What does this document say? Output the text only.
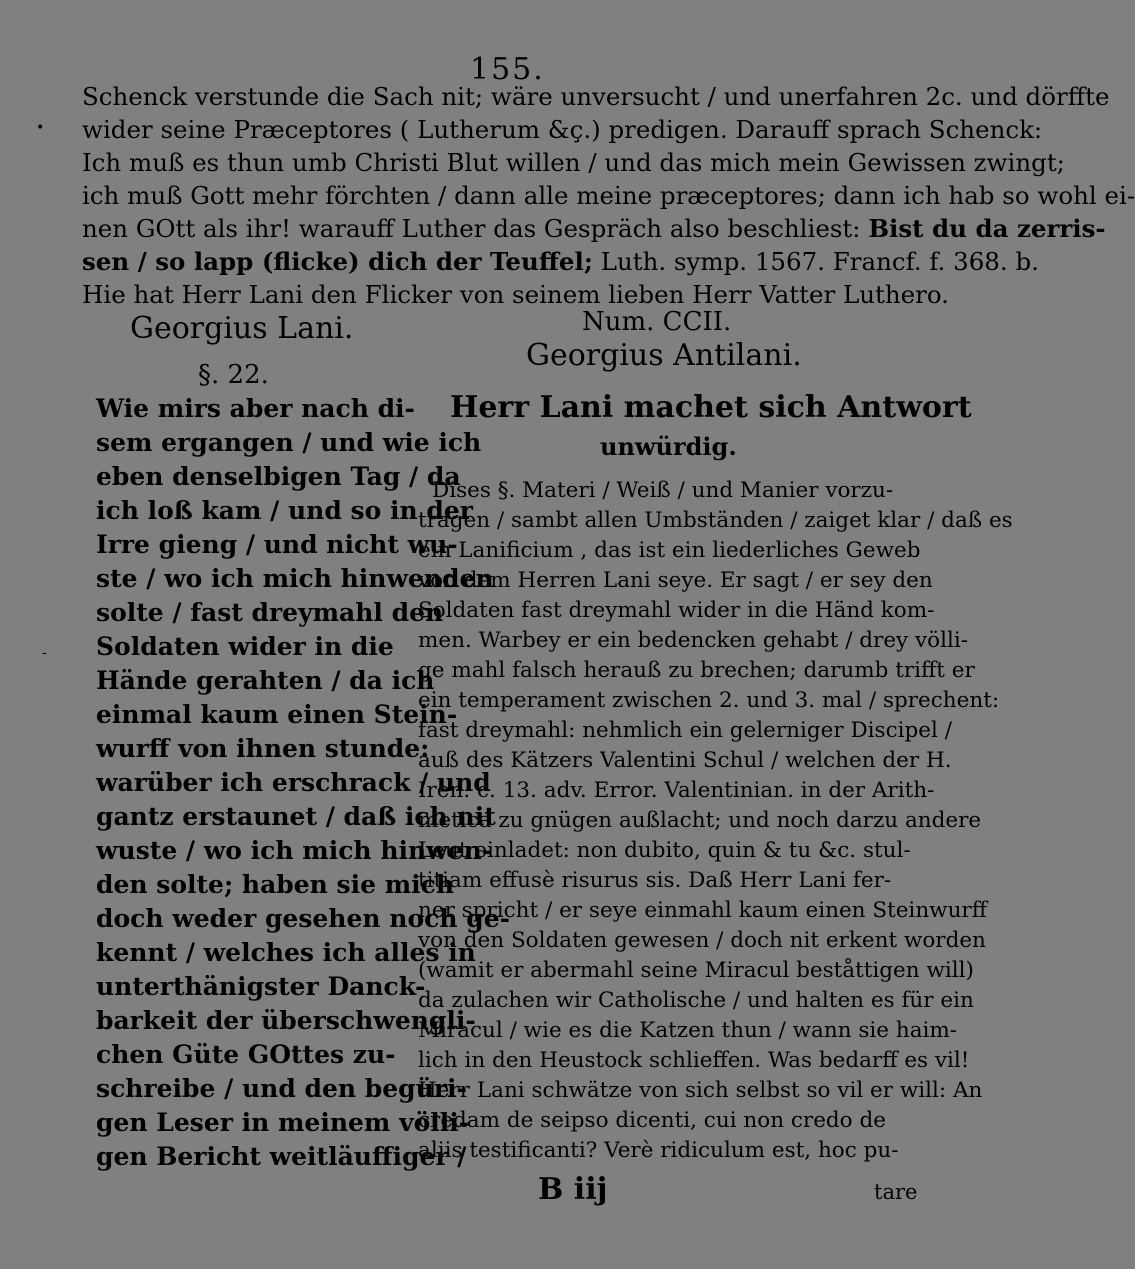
155.
Schenck verstunde die Sach nit; wäre unversucht / und unerfahren 2c. und dörffte
wider seine Præceptores ( Lutherum &ç.) predigen. Darauff sprach Schenck:
Ich muß es thun umb Christi Blut willen / und das mich mein Gewissen zwingt;
ich muß Gott mehr förchten / dann alle meine præceptores; dann ich hab so wohl ei-
nen GOtt als ihr! warauff Luther das Gespräch also beschliest: Bist du da zerris-
sen / so lapp (flicke) dich der Teuffel; Luth. symp. 1567. Francf. f. 368. b.
Hie hat Herr Lani den Flicker von seinem lieben Herr Vatter Luthero.
Georgius Lani.
§. 22.
Wie mirs aber nach di-
sem ergangen / und wie ich
eben denselbigen Tag / da
ich loß kam / und so in der
Irre gieng / und nicht wu-
ste / wo ich mich hinwenden
solte / fast dreymahl den
Soldaten wider in die
Hände gerahten / da ich
einmal kaum einen Stein-
wurff von ihnen stunde:
warüber ich erschrack / und
gantz erstaunet / daß ich nit
wuste / wo ich mich hinwen-
den solte; haben sie mich
doch weder gesehen noch ge-
kennt / welches ich alles in
unterthänigster Danck-
barkeit der überschwengli-
chen Güte GOttes zu-
schreibe / und den begüri-
gen Leser in meinem völli-
gen Bericht weitläuffiger /
Num. CCII.
Georgius Antilani.
Herr Lani machet sich Antwort
unwürdig.
Dises §. Materi / Weiß / und Manier vorzu-
tragen / sambt allen Umbständen / zaiget klar / daß es
ein Lanificium , das ist ein liederliches Geweb
von dem Herren Lani seye. Er sagt / er sey den
Soldaten fast dreymahl wider in die Händ kom-
men. Warbey er ein bedencken gehabt / drey völli-
ge mahl falsch herauß zu brechen; darumb trifft er
ein temperament zwischen 2. und 3. mal / sprechent:
fast dreymahl: nehmlich ein gelerniger Discipel /
auß des Kätzers Valentini Schul / welchen der H.
Iren. c. 13. adv. Error. Valentinian. in der Arith-
metica zu gnügen außlacht; und noch darzu andere
Leut einladet: non dubito, quin & tu &c. stul-
titiam effusè risurus sis. Daß Herr Lani fer-
ner spricht / er seye einmahl kaum einen Steinwurff
von den Soldaten gewesen / doch nit erkent worden
(wamit er abermahl seine Miracul beståttigen will)
da zulachen wir Catholische / und halten es für ein
Miracul / wie es die Katzen thun / wann sie haim-
lich in den Heustock schlieffen. Was bedarff es vil!
Herr Lani schwätze von sich selbst so vil er will: An
credam de seipso dicenti, cui non credo de
aliis testificanti? Verè ridiculum est, hoc pu-
B iij	tare
•
-
